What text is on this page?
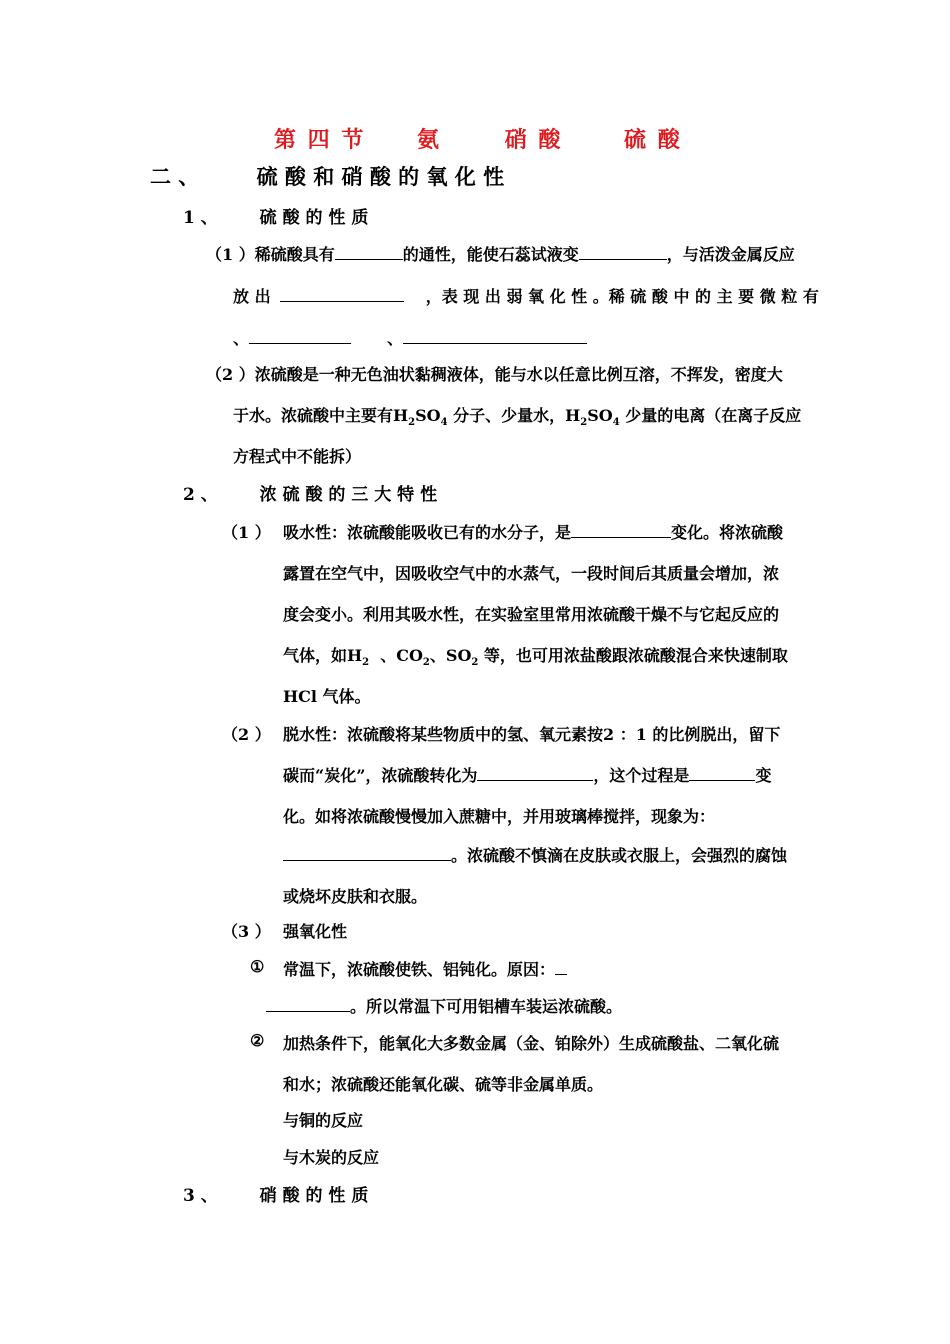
第 四 节 氨	硝 酸	硫 酸
二 、	硫 酸 和 硝 酸 的 氧 化 性
1 、 硫 酸 的 性 质
（1 ）稀硫酸具有	的通性，能使石蕊试液变	，与活泼金属反应
放 出	，表 现 出 弱 氧 化 性 。稀 硫 酸 中 的 主 要 微 粒 有
、	、
（2 ）浓硫酸是一种无色油状黏稠液体，能与水以任意比例互溶，不挥发，密度大
于水。浓硫酸中主要有$H_2SO_4$ 分子、少量水，$H_2SO_4$ 少量的电离（在离子反应
方程式中不能拆）
2 、 浓 硫 酸 的 三 大 特 性
（1 ） 吸水性：浓硫酸能吸收已有的水分子，是	变化。将浓硫酸
露置在空气中，因吸收空气中的水蒸气，一段时间后其质量会增加，浓
度会变小。利用其吸水性，在实验室里常用浓硫酸干燥不与它起反应的
气体，如$H_2$  、$CO_2$、$SO_2$ 等，也可用浓盐酸跟浓硫酸混合来快速制取
HCl 气体。
（2 ） 脱水性：浓硫酸将某些物质中的氢、氧元素按2 ：1 的比例脱出，留下
碳而“炭化”，浓硫酸转化为	，这个过程是	变
化。如将浓硫酸慢慢加入蔗糖中，并用玻璃棒搅拌，现象为：
。浓硫酸不慎滴在皮肤或衣服上，会强烈的腐蚀
或烧坏皮肤和衣服。
（3 ） 强氧化性
① 常温下，浓硫酸使铁、铝钝化。原因：
。所以常温下可用铝槽车装运浓硫酸。
② 加热条件下，能氧化大多数金属（金、铂除外）生成硫酸盐、二氧化硫
和水；浓硫酸还能氧化碳、硫等非金属单质。
与铜的反应
与木炭的反应
3 、 硝 酸 的 性 质
